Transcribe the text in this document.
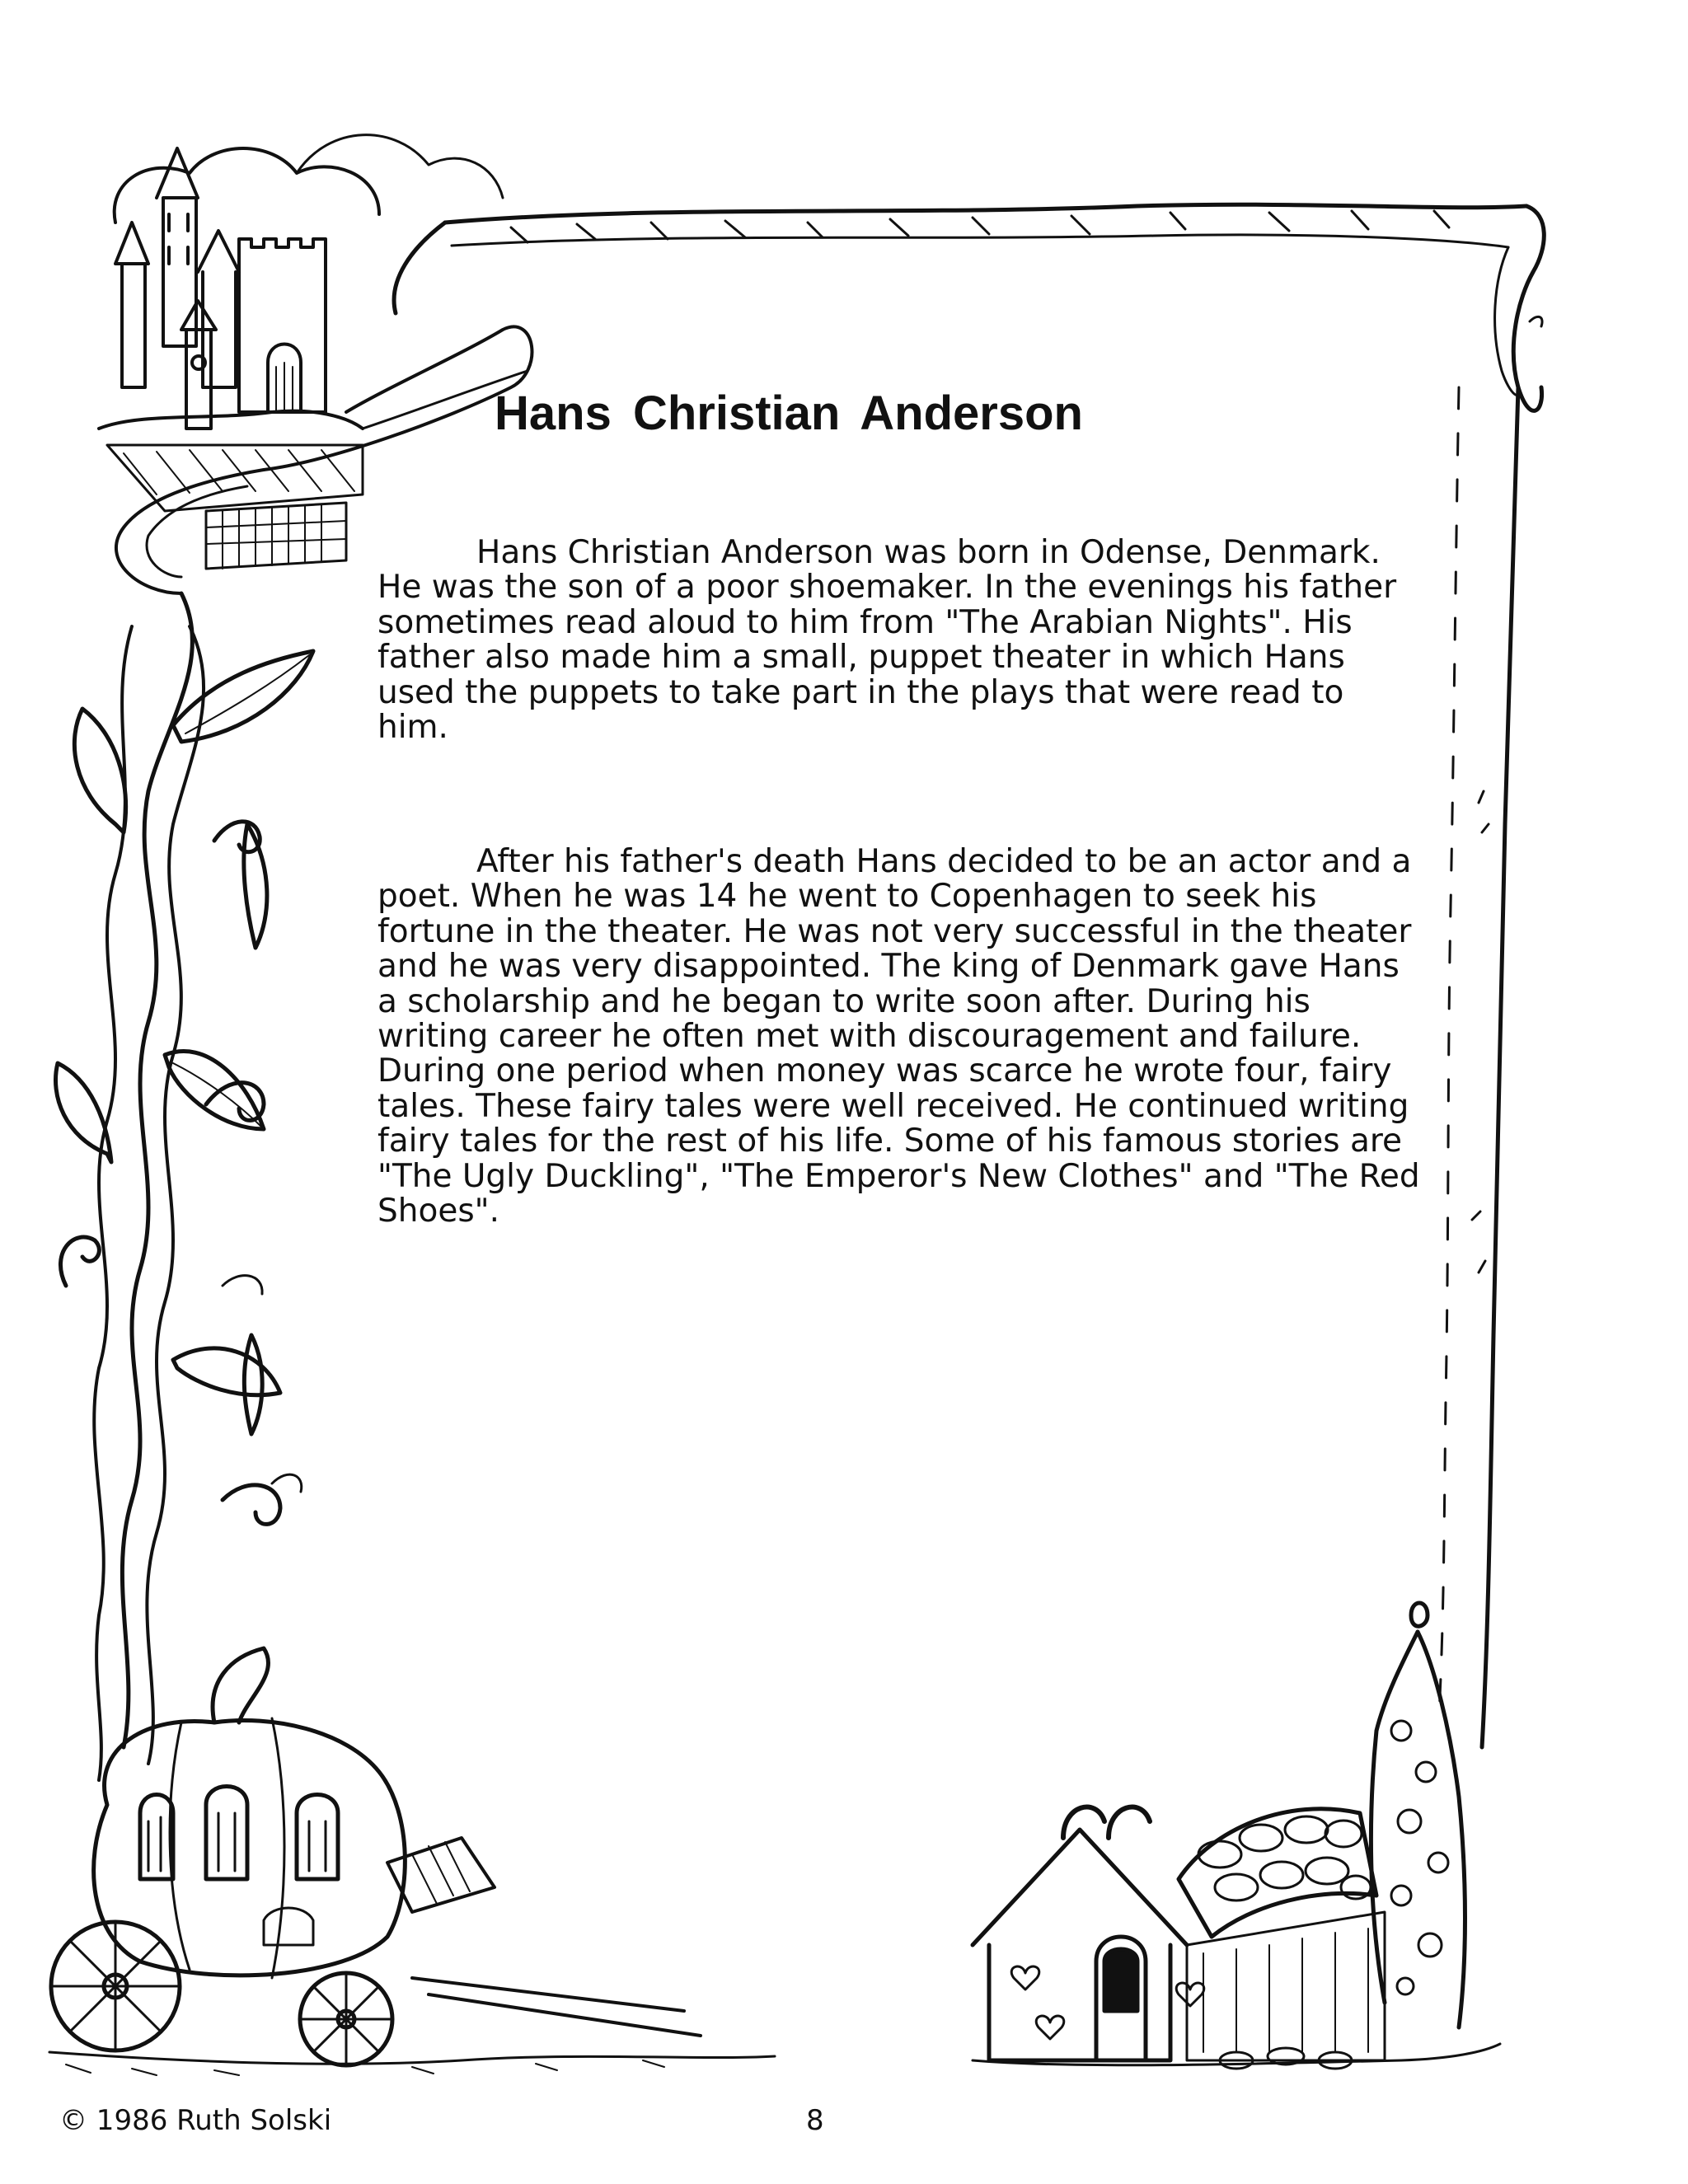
Hans Christian Anderson

Hans Christian Anderson was born in Odense, Denmark. He was the son of a poor shoemaker. In the evenings his father sometimes read aloud to him from "The Arabian Nights". His father also made him a small, puppet theater in which Hans used the puppets to take part in the plays that were read to him.

After his father's death Hans decided to be an actor and a poet. When he was 14 he went to Copenhagen to seek his fortune in the theater. He was not very successful in the theater and he was very disappointed. The king of Denmark gave Hans a scholarship and he began to write soon after. During his writing career he often met with discouragement and failure. During one period when money was scarce he wrote four, fairy tales. These fairy tales were well received. He continued writing fairy tales for the rest of his life. Some of his famous stories are "The Ugly Duckling", "The Emperor's New Clothes" and "The Red Shoes".

© 1986 Ruth Solski	8
